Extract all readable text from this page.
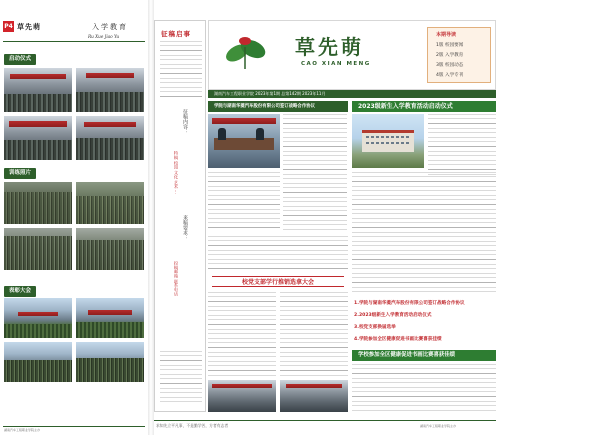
P4 草先萌	入学教育
Ru Xue Jiao Yu
启动仪式
训练照片
表彰大会
征稿启事
征稿内容：
特稿 校园 文化 艺术 ...
来稿要求：
投稿邮箱 联系电话
草先萌
CAO XIAN MENG
本期导读
1版 校园要闻
2版 入学教育
3版 校园动态
4版 入学专刊
湖南汽车工程职业学院 2023年第1期 总第142期 2023年11月
学院与湖南华菱汽车股份有限公司签订战略合作协议
校党支部学行推销选拿大会
2023级新生入学教育活动启动仪式
1.学院与湖南华菱汽车股份有限公司签订战略合作协议
2.2023级新生入学教育活动启动仪式
3.校党支部换届选举
4.学院参加全区健康促进书画比赛喜获佳绩
学校参加全区健康促进书画比赛喜获佳绩
湖南汽车工程职业学院主办
求知先立平凡事，不是勤学苦，方者有志者	湖南汽车工程职业学院主办
